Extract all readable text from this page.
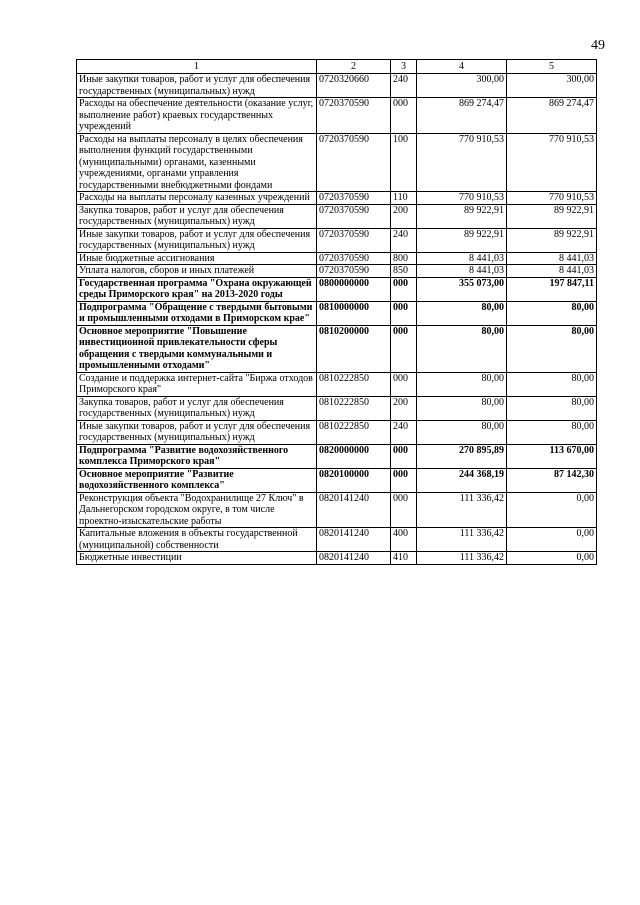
49
1	2	3	4	5
Иные закупки товаров, работ и услуг для обеспечения государственных (муниципальных) нужд	0720320660	240	300,00	300,00
Расходы на обеспечение деятельности (оказание услуг, выполнение работ) краевых государственных учреждений	0720370590	000	869 274,47	869 274,47
Расходы на выплаты персоналу в целях обеспечения выполнения функций государственными (муниципальными) органами, казенными учреждениями, органами управления государственными внебюджетными фондами	0720370590	100	770 910,53	770 910,53
Расходы на выплаты персоналу казенных учреждений	0720370590	110	770 910,53	770 910,53
Закупка товаров, работ и услуг для обеспечения государственных (муниципальных) нужд	0720370590	200	89 922,91	89 922,91
Иные закупки товаров, работ и услуг для обеспечения государственных (муниципальных) нужд	0720370590	240	89 922,91	89 922,91
Иные бюджетные ассигнования	0720370590	800	8 441,03	8 441,03
Уплата налогов, сборов и иных платежей	0720370590	850	8 441,03	8 441,03
Государственная программа "Охрана окружающей среды Приморского края" на 2013-2020 годы	0800000000	000	355 073,00	197 847,11
Подпрограмма "Обращение с твердыми бытовыми и промышленными отходами в Приморском крае"	0810000000	000	80,00	80,00
Основное мероприятие "Повышение инвестиционной привлекательности сферы обращения с твердыми коммунальными и промышленными отходами"	0810200000	000	80,00	80,00
Создание и поддержка интернет-сайта "Биржа отходов Приморского края"	0810222850	000	80,00	80,00
Закупка товаров, работ и услуг для обеспечения государственных (муниципальных) нужд	0810222850	200	80,00	80,00
Иные закупки товаров, работ и услуг для обеспечения государственных (муниципальных) нужд	0810222850	240	80,00	80,00
Подпрограмма "Развитие водохозяйственного комплекса Приморского края"	0820000000	000	270 895,89	113 670,00
Основное мероприятие "Развитие водохозяйственного комплекса"	0820100000	000	244 368,19	87 142,30
Реконструкция объекта "Водохранилище 27 Ключ" в Дальнегорском городском округе, в том числе проектно-изыскательские работы	0820141240	000	111 336,42	0,00
Капитальные вложения в объекты государственной (муниципальной) собственности	0820141240	400	111 336,42	0,00
Бюджетные инвестиции	0820141240	410	111 336,42	0,00
